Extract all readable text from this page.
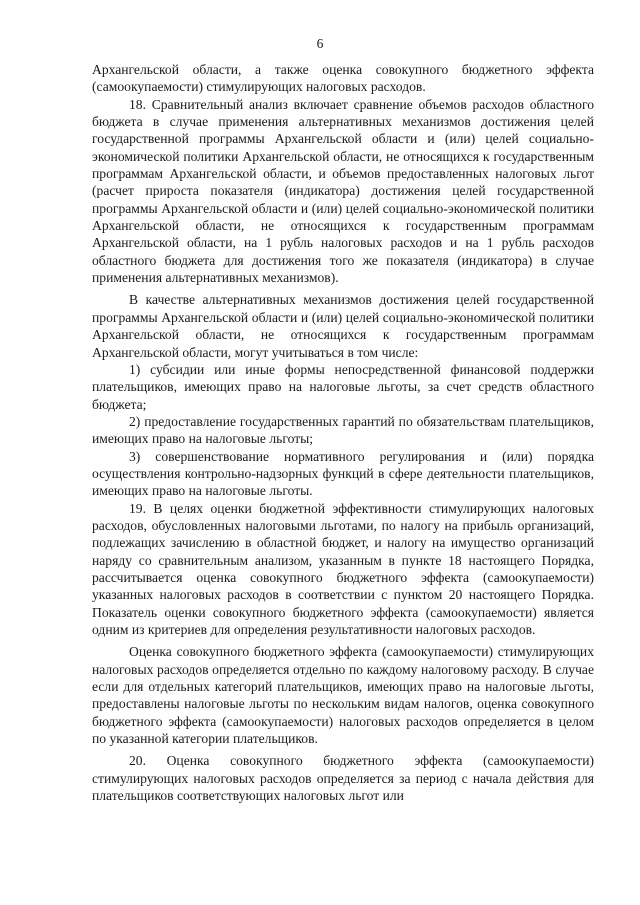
6

Архангельской области, а также оценка совокупного бюджетного эффекта (самоокупаемости) стимулирующих налоговых расходов.

18. Сравнительный анализ включает сравнение объемов расходов областного бюджета в случае применения альтернативных механизмов достижения целей государственной программы Архангельской области и (или) целей социально-экономической политики Архангельской области, не относящихся к государственным программам Архангельской области, и объемов предоставленных налоговых льгот (расчет прироста показателя (индикатора) достижения целей государственной программы Архангельской области и (или) целей социально-экономической политики Архангельской области, не относящихся к государственным программам Архангельской области, на 1 рубль налоговых расходов и на 1 рубль расходов областного бюджета для достижения того же показателя (индикатора) в случае применения альтернативных механизмов).

В качестве альтернативных механизмов достижения целей государственной программы Архангельской области и (или) целей социально-экономической политики Архангельской области, не относящихся к государственным программам Архангельской области, могут учитываться в том числе:

1) субсидии или иные формы непосредственной финансовой поддержки плательщиков, имеющих право на налоговые льготы, за счет средств областного бюджета;

2) предоставление государственных гарантий по обязательствам плательщиков, имеющих право на налоговые льготы;

3) совершенствование нормативного регулирования и (или) порядка осуществления контрольно-надзорных функций в сфере деятельности плательщиков, имеющих право на налоговые льготы.

19. В целях оценки бюджетной эффективности стимулирующих налоговых расходов, обусловленных налоговыми льготами, по налогу на прибыль организаций, подлежащих зачислению в областной бюджет, и налогу на имущество организаций наряду со сравнительным анализом, указанным в пункте 18 настоящего Порядка, рассчитывается оценка совокупного бюджетного эффекта (самоокупаемости) указанных налоговых расходов в соответствии с пунктом 20 настоящего Порядка. Показатель оценки совокупного бюджетного эффекта (самоокупаемости) является одним из критериев для определения результативности налоговых расходов.

Оценка совокупного бюджетного эффекта (самоокупаемости) стимулирующих налоговых расходов определяется отдельно по каждому налоговому расходу. В случае если для отдельных категорий плательщиков, имеющих право на налоговые льготы, предоставлены налоговые льготы по нескольким видам налогов, оценка совокупного бюджетного эффекта (самоокупаемости) налоговых расходов определяется в целом по указанной категории плательщиков.

20. Оценка совокупного бюджетного эффекта (самоокупаемости) стимулирующих налоговых расходов определяется за период с начала действия для плательщиков соответствующих налоговых льгот или
